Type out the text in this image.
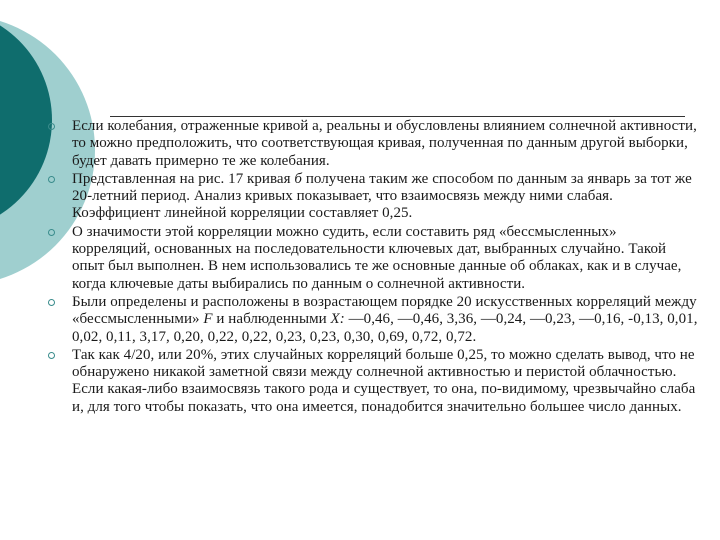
Если колебания, отраженные кривой а, реальны и обусловлены влиянием солнечной активности, то можно предположить, что соответствующая кривая, полученная по данным другой выборки, будет давать примерно те же колебания.
Представленная на рис. 17 кривая б получена таким же способом по данным за январь за тот же 20-летний период. Анализ кривых показывает, что взаимосвязь между ними слабая. Коэффициент линейной корреляции составляет 0,25.
О значимости этой корреляции можно судить, если составить ряд «бессмысленных» корреляций, основанных на последовательности ключевых дат, выбранных случайно. Такой опыт был выполнен. В нем использовались те же основные данные об облаках, как и в случае, когда ключевые даты выбирались по данным о солнечной активности.
Были определены и расположены в возрастающем порядке 20 искусственных корреляций между «бессмысленными» F и наблюденными X: —0,46, —0,46, 3,36, —0,24, —0,23, —0,16, -0,13, 0,01, 0,02, 0,11, 3,17, 0,20, 0,22, 0,22, 0,23, 0,23, 0,30, 0,69, 0,72, 0,72.
Так как 4/20, или 20%, этих случайных корреляций больше 0,25, то можно сделать вывод, что не обнаружено никакой заметной связи между солнечной активностью и перистой облачностью. Если какая-либо взаимосвязь такого рода и существует, то она, по-видимому, чрезвычайно слаба и, для того чтобы показать, что она имеется, понадобится значительно большее число данных.
